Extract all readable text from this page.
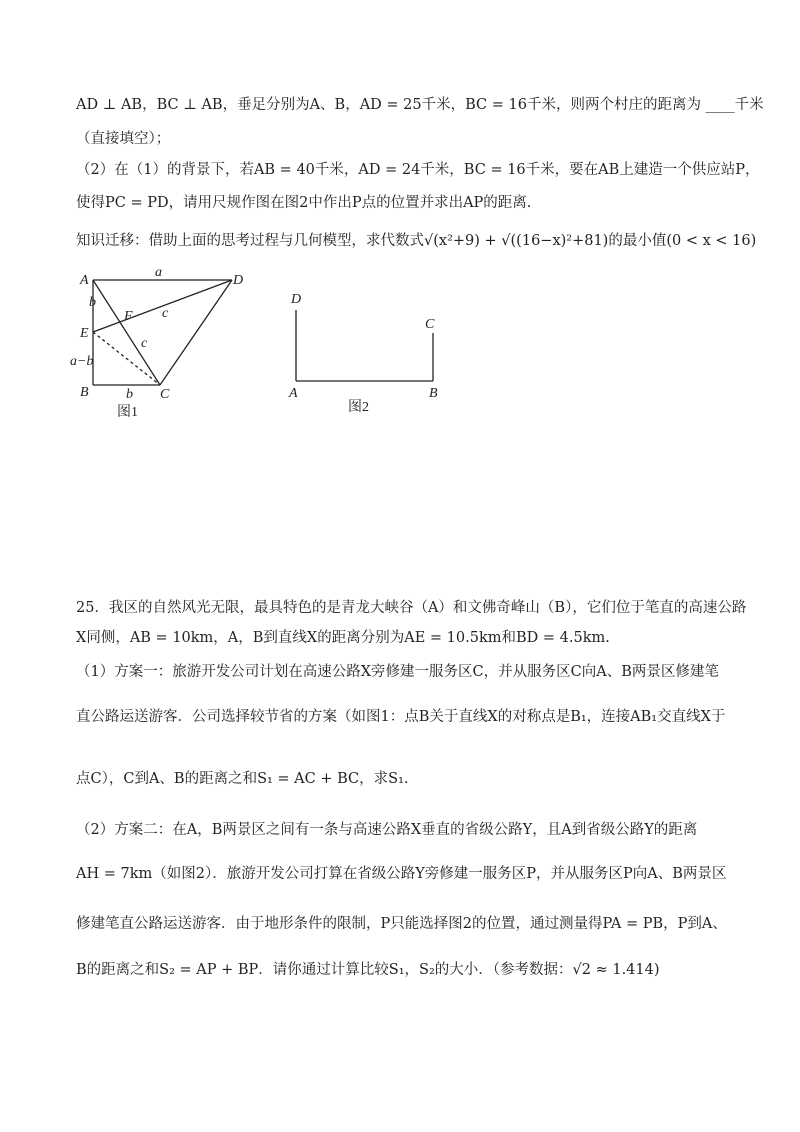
AD ⊥ AB，BC ⊥ AB，垂足分别为A、B，AD = 25千米，BC = 16千米，则两个村庄的距离为 ____千米
（直接填空）；
（2）在（1）的背景下，若AB = 40千米，AD = 24千米，BC = 16千米，要在AB上建造一个供应站P，
使得PC = PD，请用尺规作图在图2中作出P点的位置并求出AP的距离.
知识迁移：借助上面的思考过程与几何模型，求代数式√(x²+9) + √((16−x)²+81)的最小值(0 < x < 16)
A	D
a
b
F c
E
c
a−b
B	C
b
图1
D
C
A	B
图2
25．我区的自然风光无限，最具特色的是青龙大峡谷（A）和文佛奇峰山（B），它们位于笔直的高速公路
X同侧，AB = 10km，A，B到直线X的距离分别为AE = 10.5km和BD = 4.5km.
（1）方案一：旅游开发公司计划在高速公路X旁修建一服务区C，并从服务区C向A、B两景区修建笔
直公路运送游客．公司选择较节省的方案（如图1：点B关于直线X的对称点是B₁，连接AB₁交直线X于
点C），C到A、B的距离之和S₁ = AC + BC，求S₁.
（2）方案二：在A，B两景区之间有一条与高速公路X垂直的省级公路Y，且A到省级公路Y的距离
AH = 7km（如图2）．旅游开发公司打算在省级公路Y旁修建一服务区P，并从服务区P向A、B两景区
修建笔直公路运送游客．由于地形条件的限制，P只能选择图2的位置，通过测量得PA = PB，P到A、
B的距离之和S₂ = AP + BP．请你通过计算比较S₁，S₂的大小．（参考数据：√2 ≈ 1.414)
